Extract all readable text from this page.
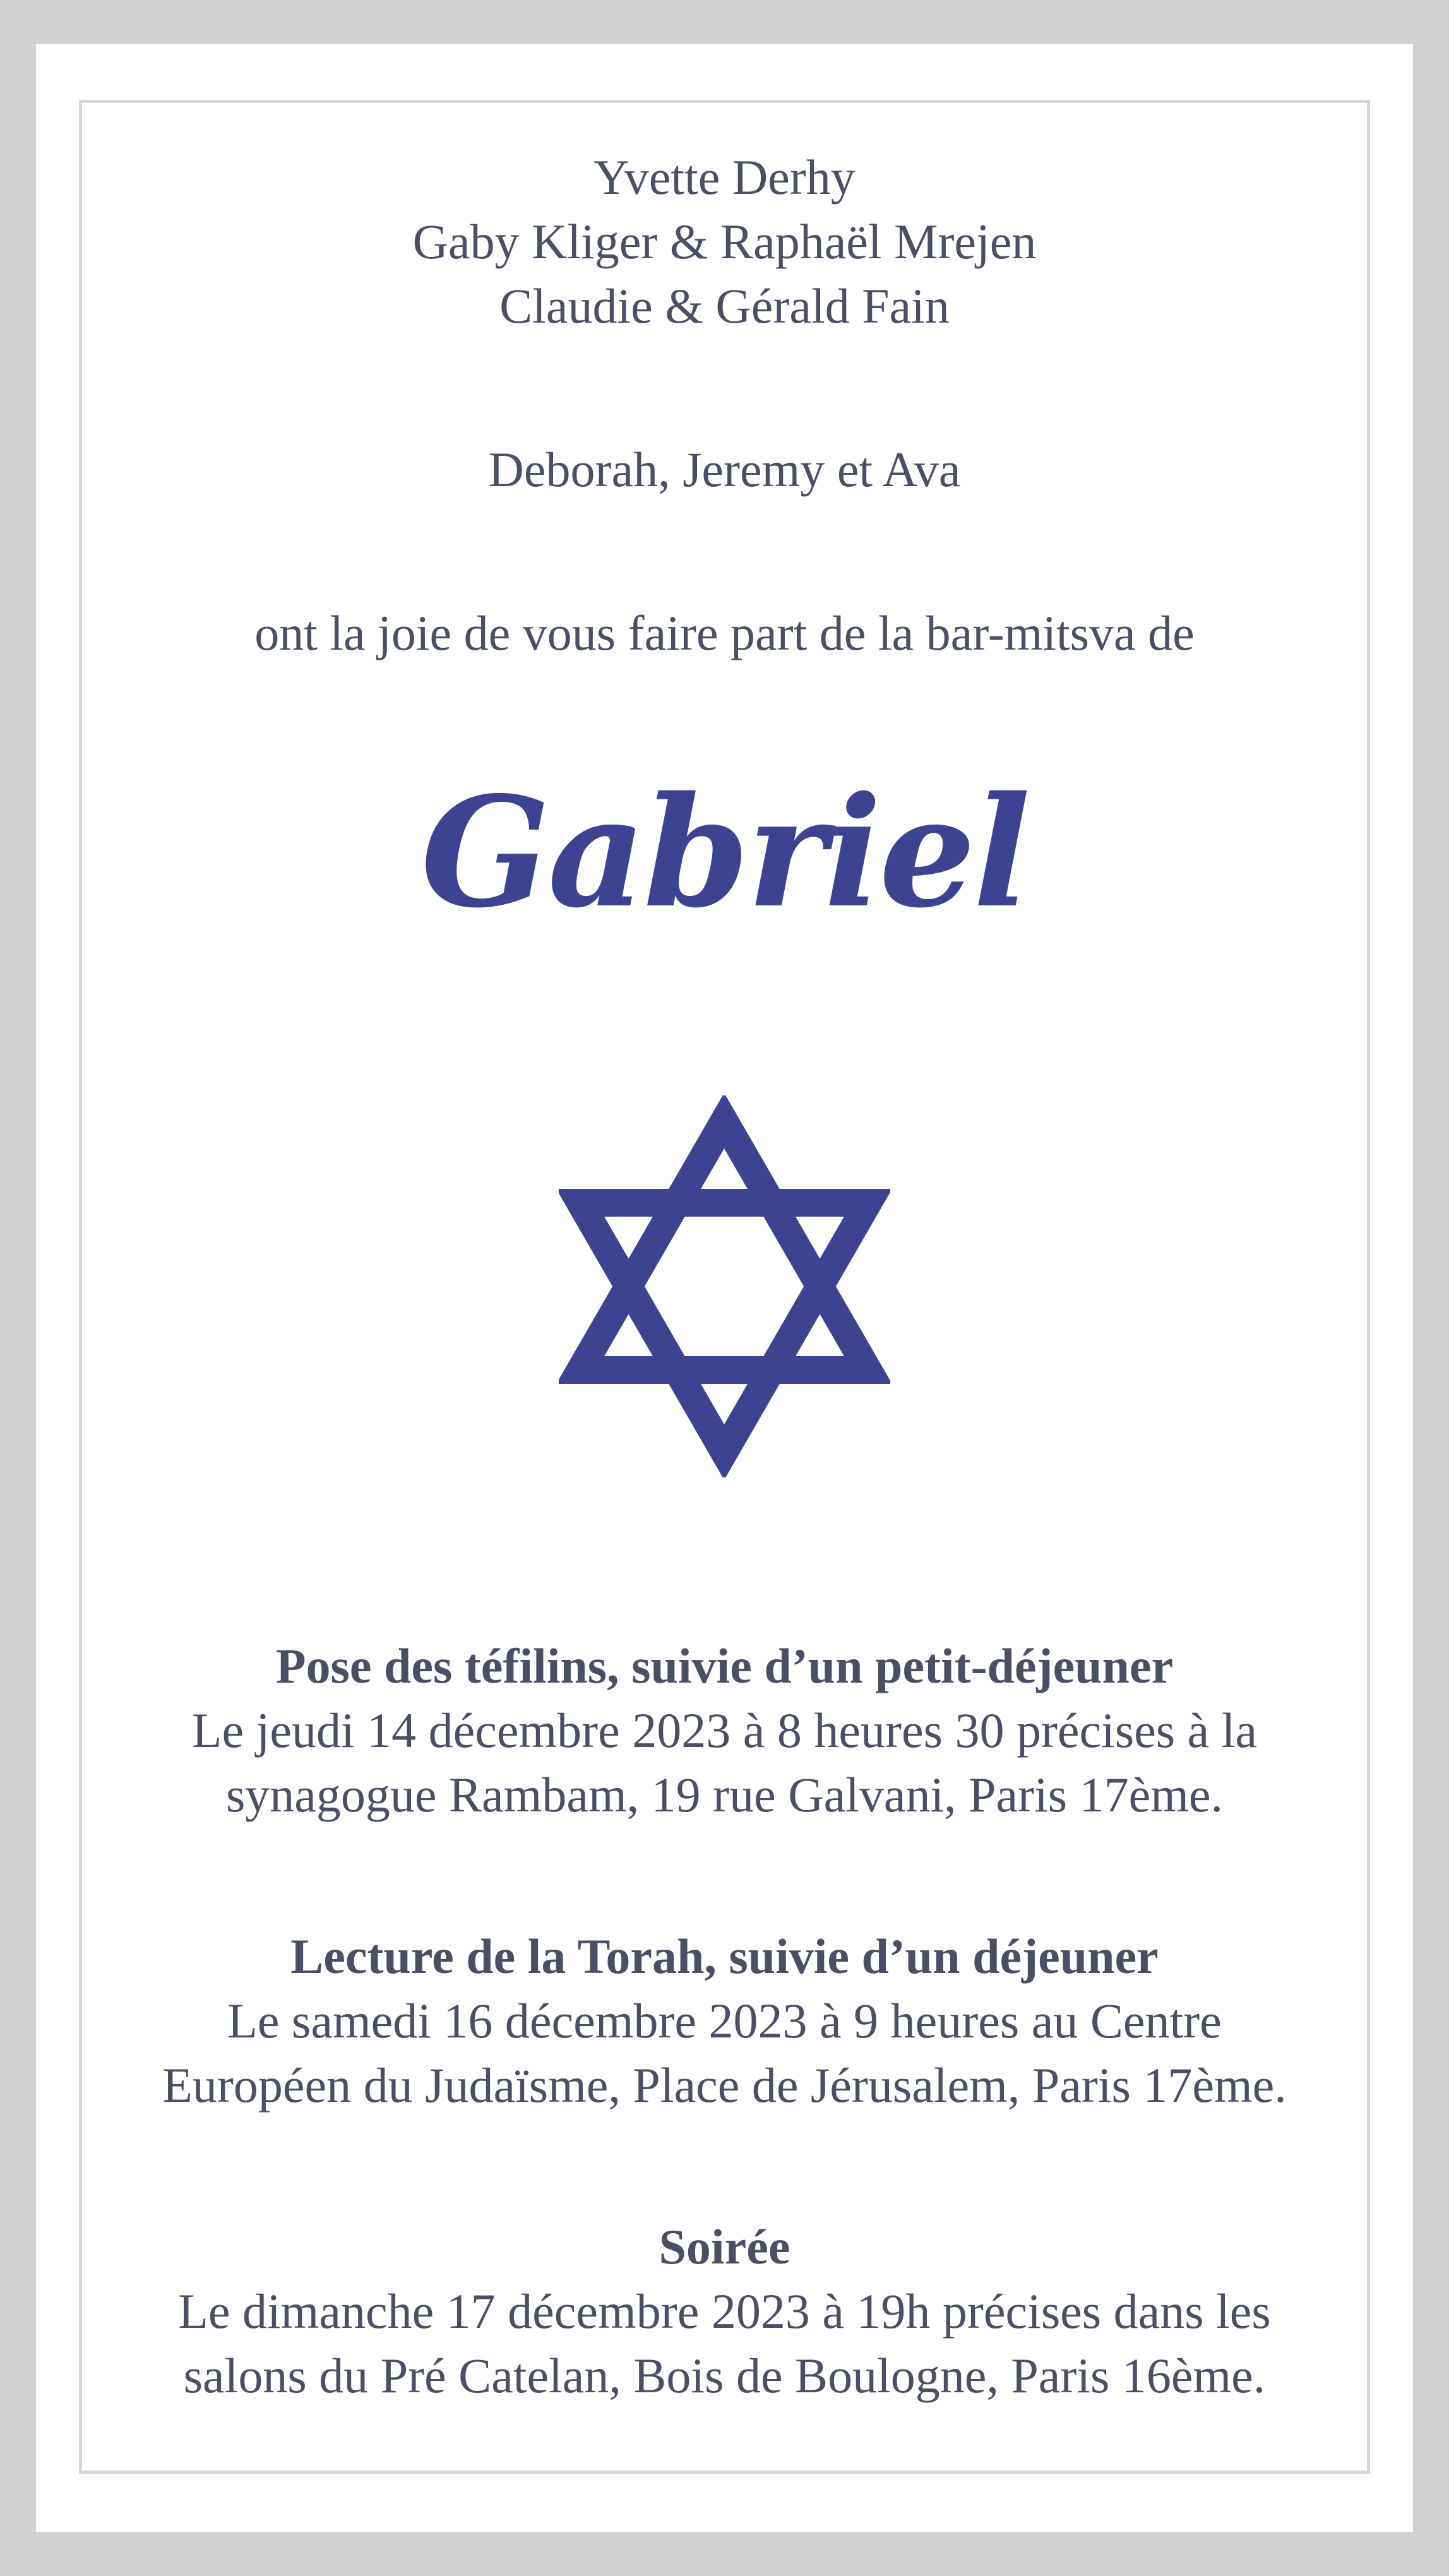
Yvette Derhy
Gaby Kliger & Raphaël Mrejen
Claudie & Gérald Fain
Deborah, Jeremy et Ava
ont la joie de vous faire part de la bar-mitsva de
Gabriel
Pose des téfilins, suivie d’un petit-déjeuner
Le jeudi 14 décembre 2023 à 8 heures 30 précises à la
synagogue Rambam, 19 rue Galvani, Paris 17ème.
Lecture de la Torah, suivie d’un déjeuner
Le samedi 16 décembre 2023 à 9 heures au Centre
Européen du Judaïsme, Place de Jérusalem, Paris 17ème.
Soirée
Le dimanche 17 décembre 2023 à 19h précises dans les
salons du Pré Catelan, Bois de Boulogne, Paris 16ème.
